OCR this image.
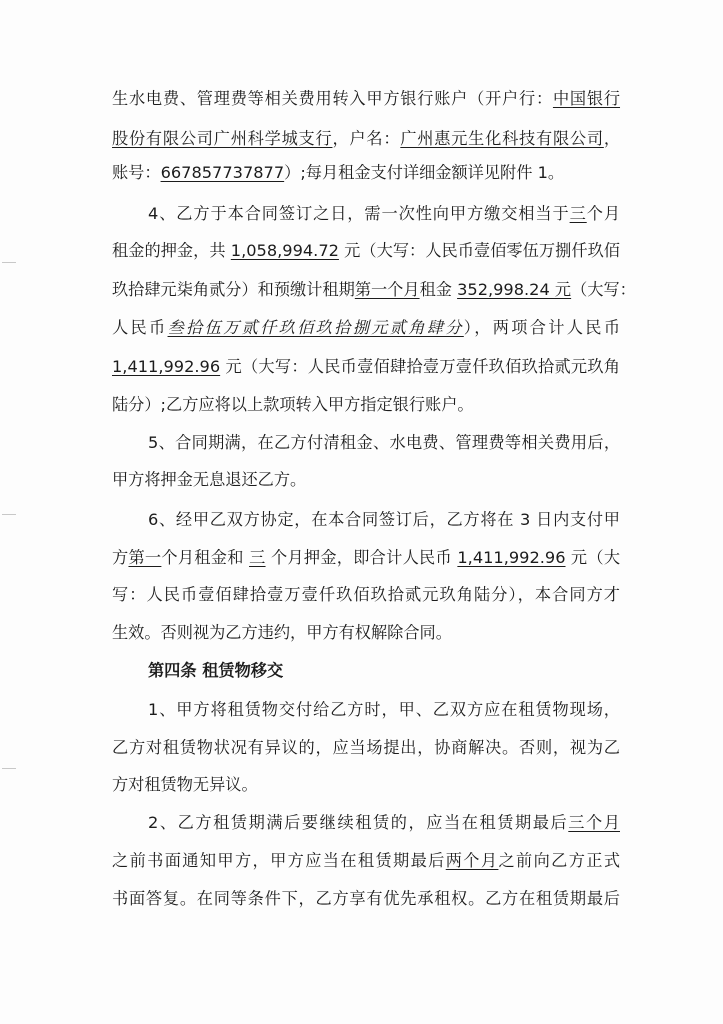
生水电费、管理费等相关费用转入甲方银行账户（开户行：中国银行
股份有限公司广州科学城支行，户名：广州惠元生化科技有限公司，
账号：667857737877）;每月租金支付详细金额详见附件 1。
4、乙方于本合同签订之日，需一次性向甲方缴交相当于三个月
租金的押金，共 1,058,994.72 元（大写：人民币壹佰零伍万捌仟玖佰
玖拾肆元柒角贰分）和预缴计租期第一个月租金 352,998.24 元（大写：
人民币叁拾伍万贰仟玖佰玖拾捌元贰角肆分），两项合计人民币
1,411,992.96 元（大写：人民币壹佰肆拾壹万壹仟玖佰玖拾贰元玖角
陆分）;乙方应将以上款项转入甲方指定银行账户。
5、合同期满，在乙方付清租金、水电费、管理费等相关费用后，
甲方将押金无息退还乙方。
6、经甲乙双方协定，在本合同签订后，乙方将在 3 日内支付甲
方第一个月租金和 三 个月押金，即合计人民币 1,411,992.96 元（大
写：人民币壹佰肆拾壹万壹仟玖佰玖拾贰元玖角陆分），本合同方才
生效。否则视为乙方违约，甲方有权解除合同。
第四条 租赁物移交
1、甲方将租赁物交付给乙方时，甲、乙双方应在租赁物现场，
乙方对租赁物状况有异议的，应当场提出，协商解决。否则，视为乙
方对租赁物无异议。
2、乙方租赁期满后要继续租赁的，应当在租赁期最后三个月
之前书面通知甲方，甲方应当在租赁期最后两个月之前向乙方正式
书面答复。在同等条件下，乙方享有优先承租权。乙方在租赁期最后
